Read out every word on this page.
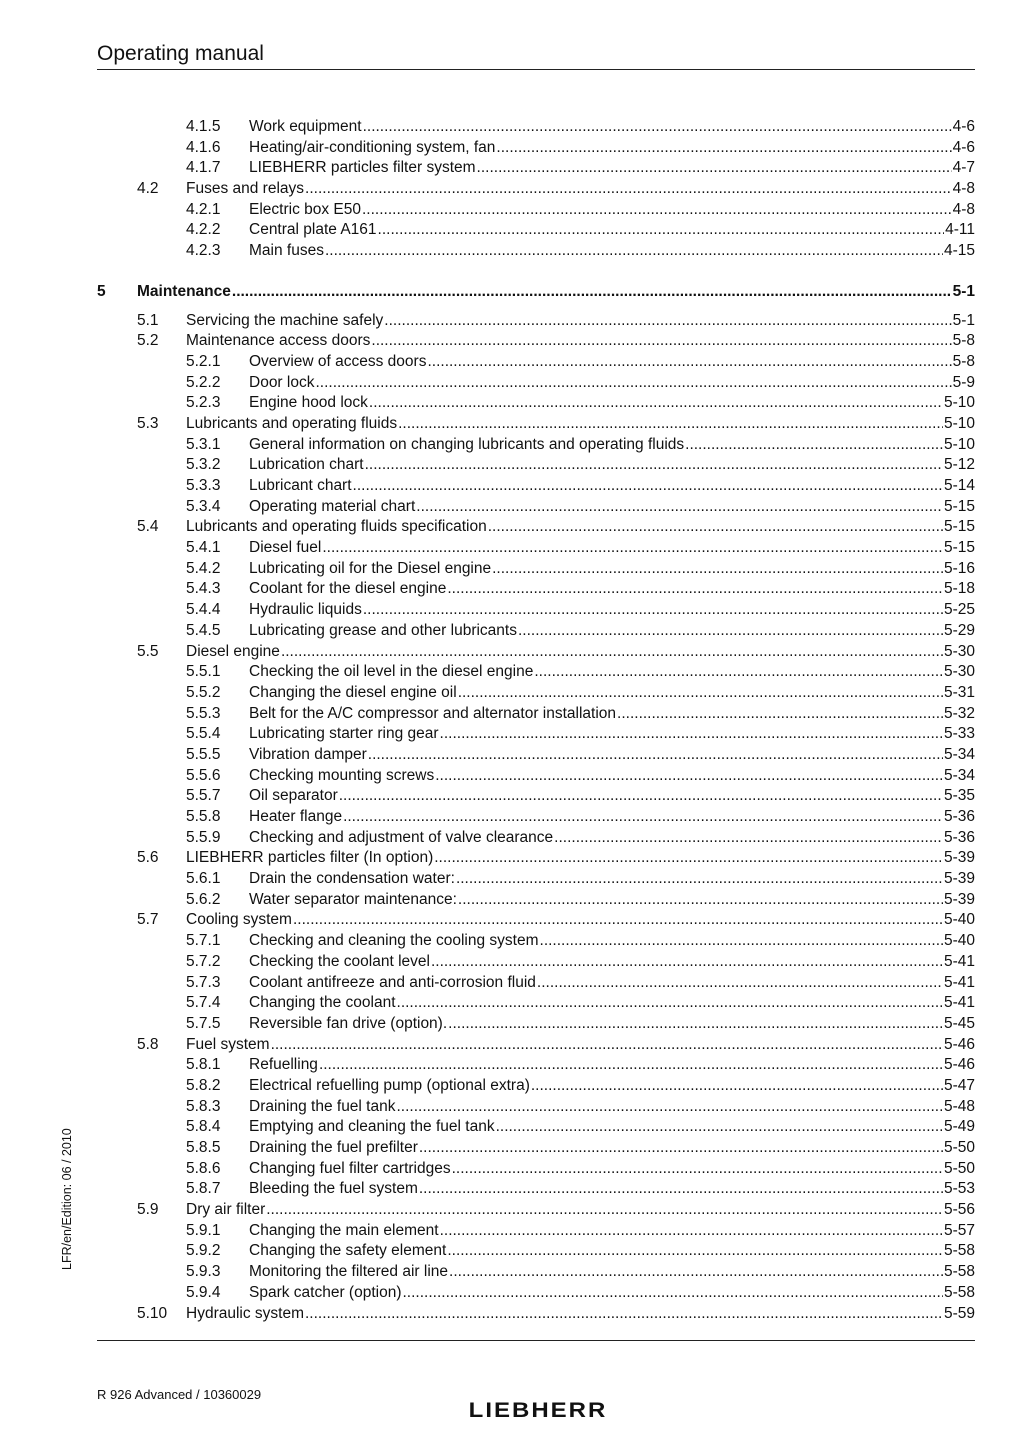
Operating manual
4.1.5 Work equipment .....	4-6
4.1.6 Heating/air-conditioning system, fan .....	4-6
4.1.7 LIEBHERR particles filter system .....	4-7
4.2 Fuses and relays .....	4-8
4.2.1 Electric box E50 .....	4-8
4.2.2 Central plate A161 .....	4-11
4.2.3 Main fuses .....	4-15
5 Maintenance .....	5-1
5.1 Servicing the machine safely .....	5-1
5.2 Maintenance access doors .....	5-8
5.2.1 Overview of access doors .....	5-8
5.2.2 Door lock .....	5-9
5.2.3 Engine hood lock .....	5-10
5.3 Lubricants and operating fluids .....	5-10
5.3.1 General information on changing lubricants and operating fluids .....	5-10
5.3.2 Lubrication chart .....	5-12
5.3.3 Lubricant chart .....	5-14
5.3.4 Operating material chart .....	5-15
5.4 Lubricants and operating fluids specification .....	5-15
5.4.1 Diesel fuel .....	5-15
5.4.2 Lubricating oil for the Diesel engine .....	5-16
5.4.3 Coolant for the diesel engine .....	5-18
5.4.4 Hydraulic liquids .....	5-25
5.4.5 Lubricating grease and other lubricants .....	5-29
5.5 Diesel engine .....	5-30
5.5.1 Checking the oil level in the diesel engine .....	5-30
5.5.2 Changing the diesel engine oil .....	5-31
5.5.3 Belt for the A/C compressor and alternator installation .....	5-32
5.5.4 Lubricating starter ring gear .....	5-33
5.5.5 Vibration damper .....	5-34
5.5.6 Checking mounting screws .....	5-34
5.5.7 Oil separator .....	5-35
5.5.8 Heater flange .....	5-36
5.5.9 Checking and adjustment of valve clearance .....	5-36
5.6 LIEBHERR particles filter (In option) .....	5-39
5.6.1 Drain the condensation water: .....	5-39
5.6.2 Water separator maintenance: .....	5-39
5.7 Cooling system .....	5-40
5.7.1 Checking and cleaning the cooling system .....	5-40
5.7.2 Checking the coolant level .....	5-41
5.7.3 Coolant antifreeze and anti-corrosion fluid .....	5-41
5.7.4 Changing the coolant .....	5-41
5.7.5 Reversible fan drive (option). .....	5-45
5.8 Fuel system .....	5-46
5.8.1 Refuelling .....	5-46
5.8.2 Electrical refuelling pump (optional extra) .....	5-47
5.8.3 Draining the fuel tank .....	5-48
5.8.4 Emptying and cleaning the fuel tank .....	5-49
5.8.5 Draining the fuel prefilter .....	5-50
5.8.6 Changing fuel filter cartridges .....	5-50
5.8.7 Bleeding the fuel system .....	5-53
5.9 Dry air filter .....	5-56
5.9.1 Changing the main element .....	5-57
5.9.2 Changing the safety element .....	5-58
5.9.3 Monitoring the filtered air line .....	5-58
5.9.4 Spark catcher (option) .....	5-58
5.10 Hydraulic system .....	5-59
LFR/en/Edition: 06 / 2010
R 926 Advanced / 10360029
LIEBHERR
